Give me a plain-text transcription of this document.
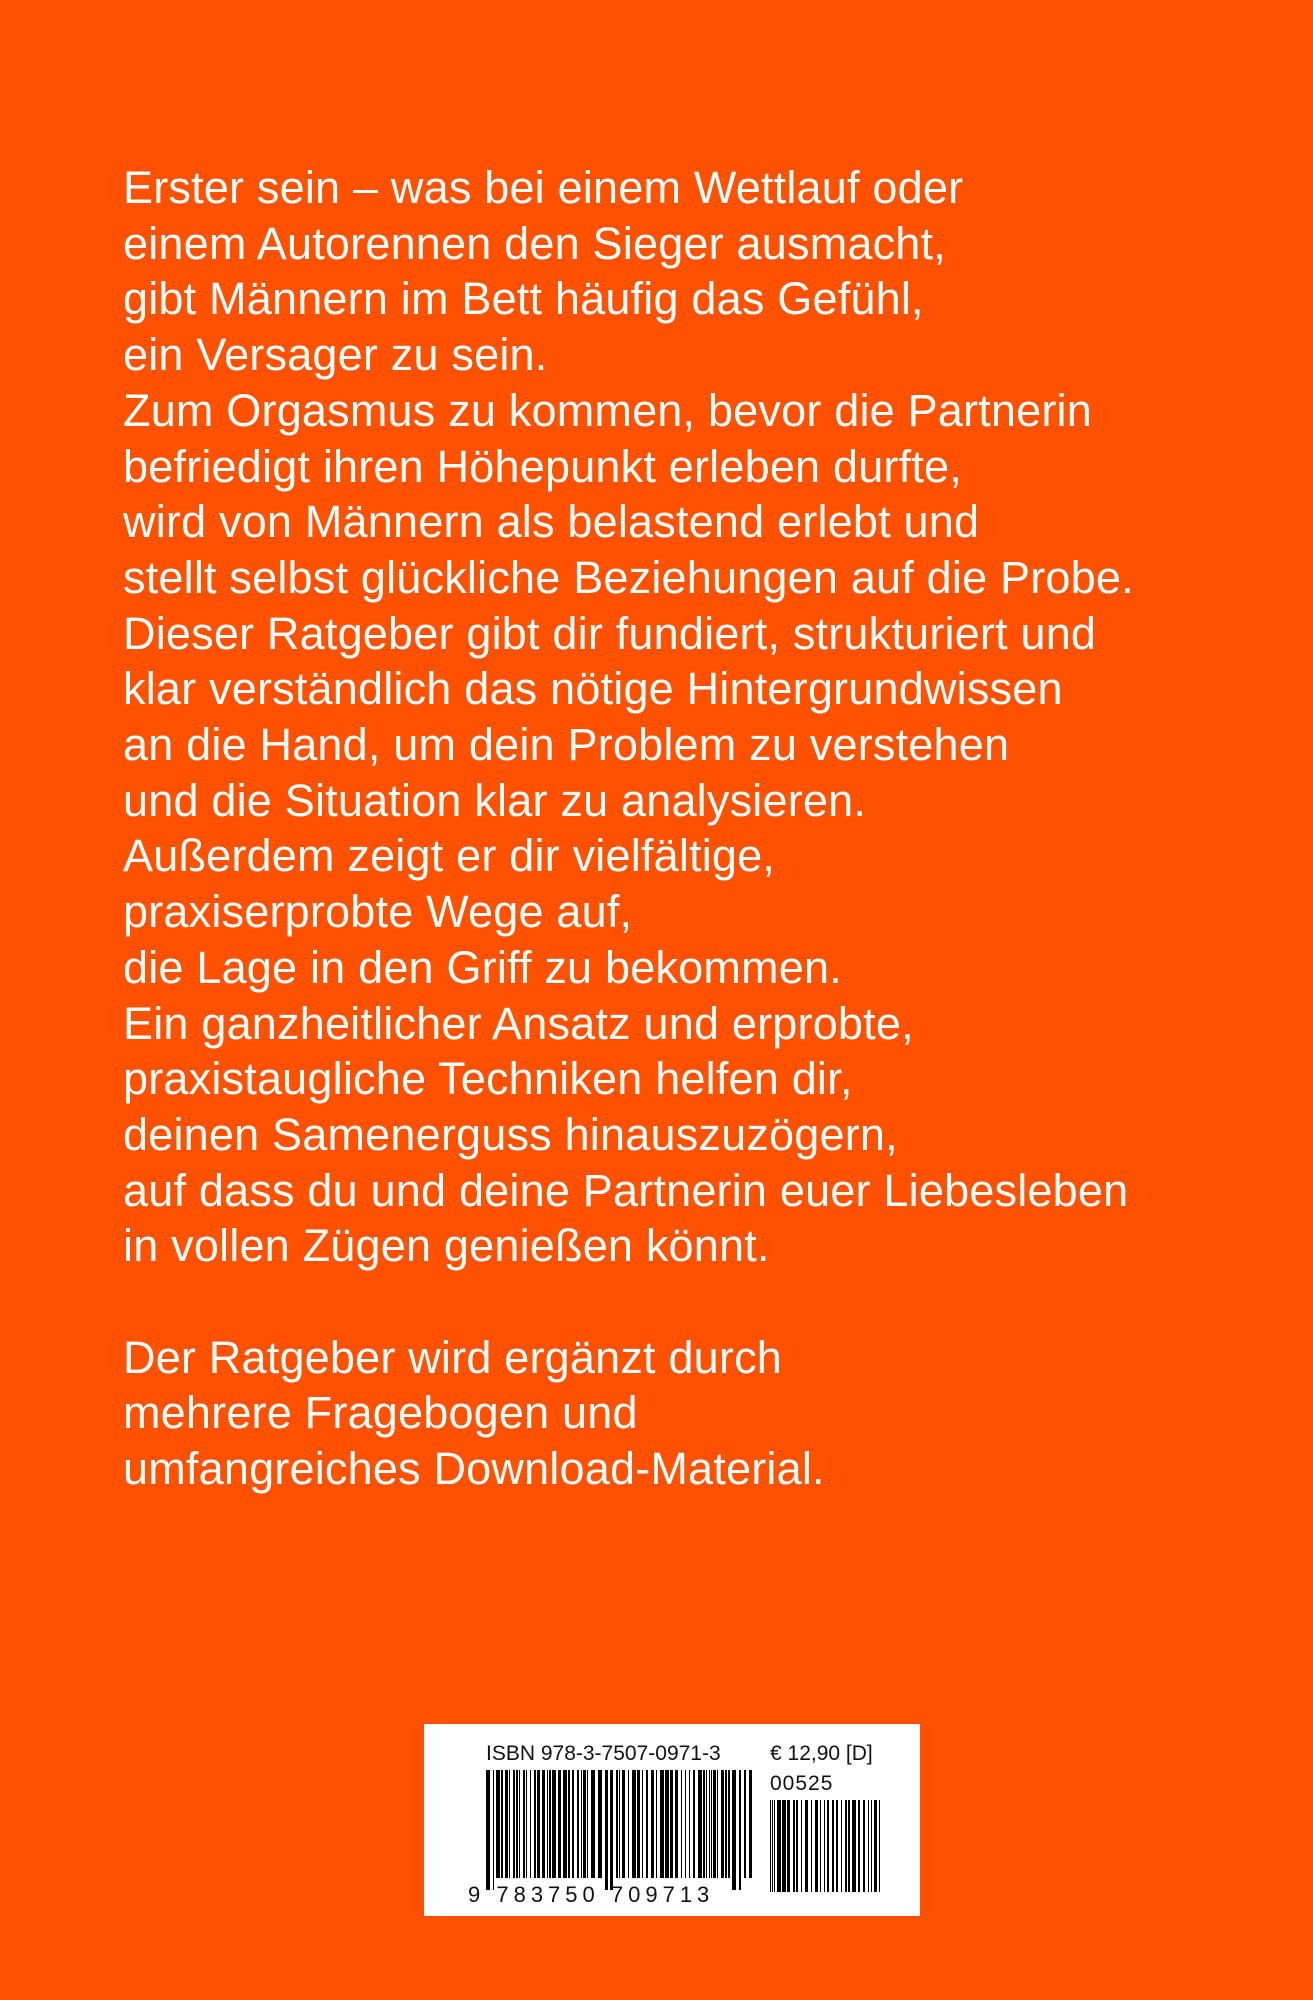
Erster sein – was bei einem Wettlauf oder
einem Autorennen den Sieger ausmacht,
gibt Männern im Bett häufig das Gefühl,
ein Versager zu sein.
Zum Orgasmus zu kommen, bevor die Partnerin
befriedigt ihren Höhepunkt erleben durfte,
wird von Männern als belastend erlebt und
stellt selbst glückliche Beziehungen auf die Probe.
Dieser Ratgeber gibt dir fundiert, strukturiert und
klar verständlich das nötige Hintergrundwissen
an die Hand, um dein Problem zu verstehen
und die Situation klar zu analysieren.
Außerdem zeigt er dir vielfältige,
praxiserprobte Wege auf,
die Lage in den Griff zu bekommen.
Ein ganzheitlicher Ansatz und erprobte,
praxistaugliche Techniken helfen dir,
deinen Samenerguss hinauszuzögern,
auf dass du und deine Partnerin euer Liebesleben
in vollen Zügen genießen könnt.
Der Ratgeber wird ergänzt durch
mehrere Fragebogen und
umfangreiches Download-Material.
ISBN 978-3-7507-0971-3 € 12,90 [D]
00525
9 783750 709713
